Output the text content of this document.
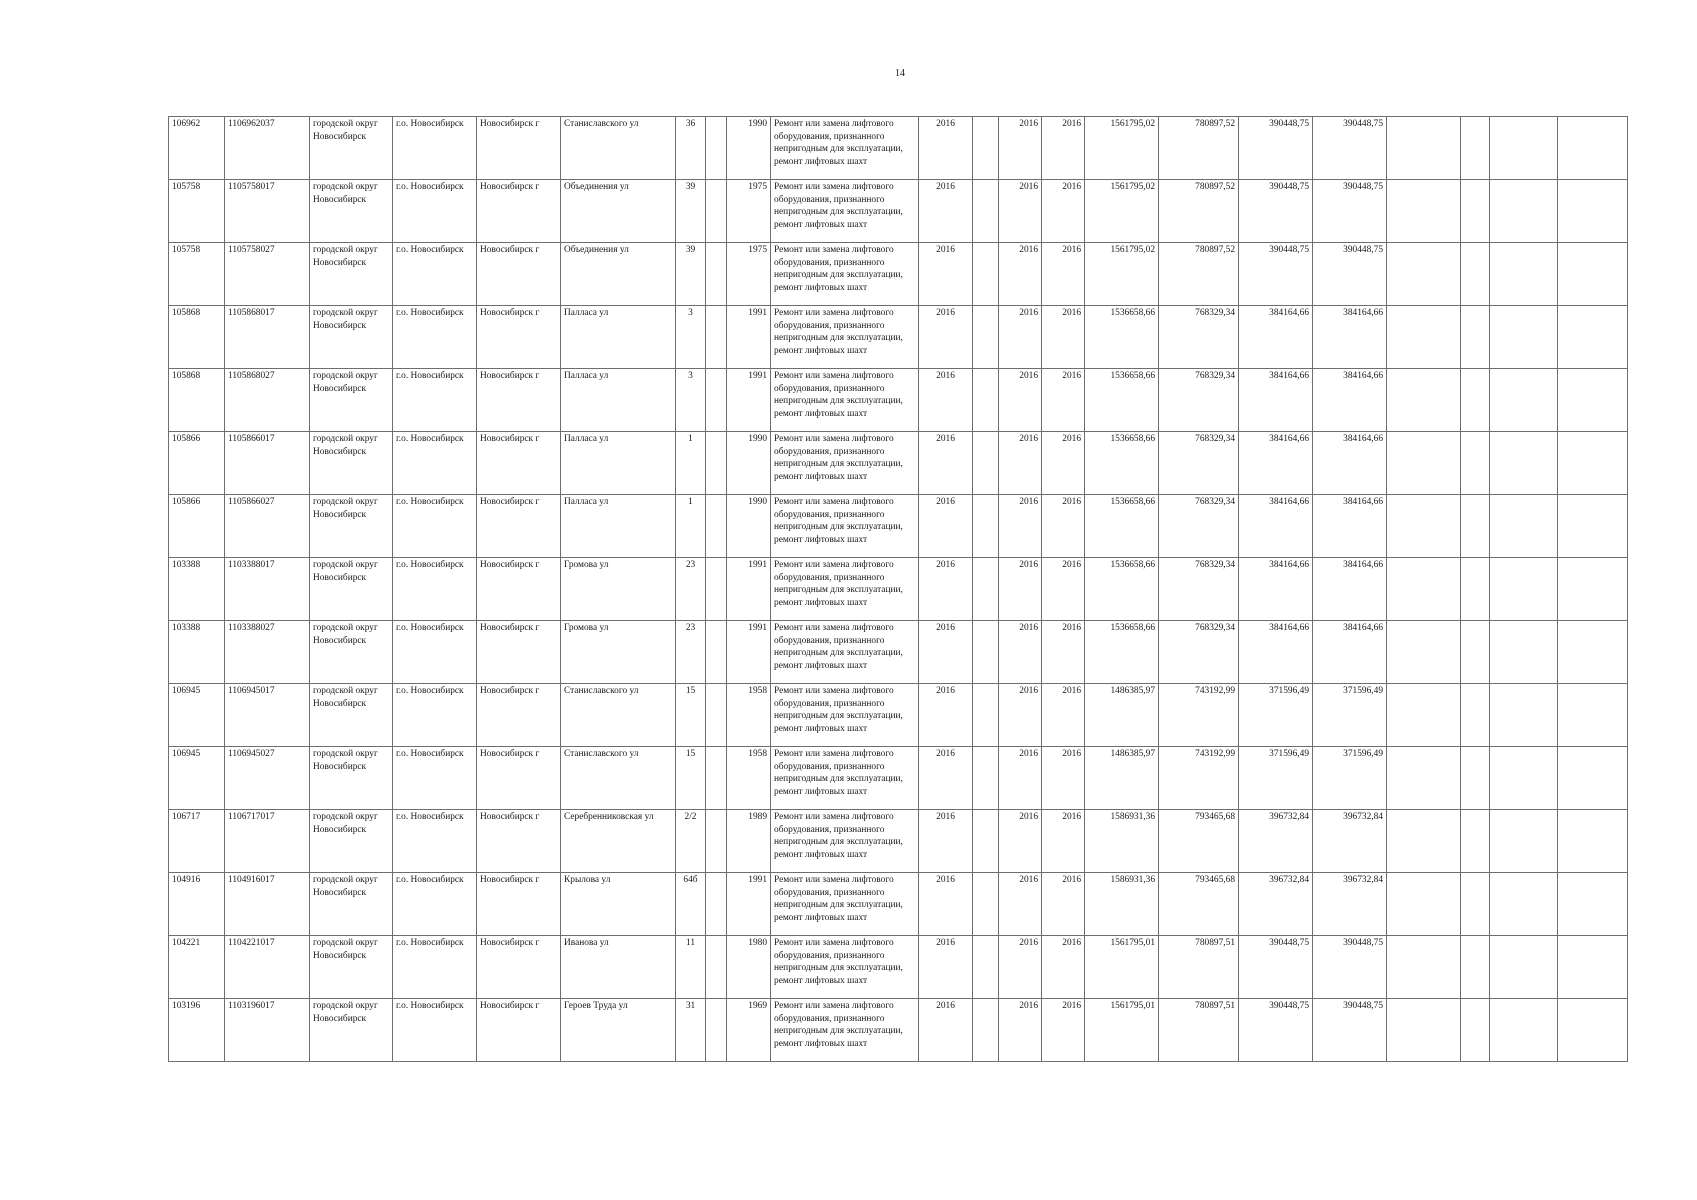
14
106962	1106962037	городской округ Новосибирск	г.о. Новосибирск	Новосибирск г	Станиславского ул	36		1990	Ремонт или замена лифтового оборудования, признанного непригодным для эксплуатации, ремонт лифтовых шахт	2016		2016	2016	1561795,02	780897,52	390448,75	390448,75				
105758	1105758017	городской округ Новосибирск	г.о. Новосибирск	Новосибирск г	Объединения ул	39		1975	Ремонт или замена лифтового оборудования, признанного непригодным для эксплуатации, ремонт лифтовых шахт	2016		2016	2016	1561795,02	780897,52	390448,75	390448,75				
105758	1105758027	городской округ Новосибирск	г.о. Новосибирск	Новосибирск г	Объединения ул	39		1975	Ремонт или замена лифтового оборудования, признанного непригодным для эксплуатации, ремонт лифтовых шахт	2016		2016	2016	1561795,02	780897,52	390448,75	390448,75				
105868	1105868017	городской округ Новосибирск	г.о. Новосибирск	Новосибирск г	Палласа ул	3		1991	Ремонт или замена лифтового оборудования, признанного непригодным для эксплуатации, ремонт лифтовых шахт	2016		2016	2016	1536658,66	768329,34	384164,66	384164,66				
105868	1105868027	городской округ Новосибирск	г.о. Новосибирск	Новосибирск г	Палласа ул	3		1991	Ремонт или замена лифтового оборудования, признанного непригодным для эксплуатации, ремонт лифтовых шахт	2016		2016	2016	1536658,66	768329,34	384164,66	384164,66				
105866	1105866017	городской округ Новосибирск	г.о. Новосибирск	Новосибирск г	Палласа ул	1		1990	Ремонт или замена лифтового оборудования, признанного непригодным для эксплуатации, ремонт лифтовых шахт	2016		2016	2016	1536658,66	768329,34	384164,66	384164,66				
105866	1105866027	городской округ Новосибирск	г.о. Новосибирск	Новосибирск г	Палласа ул	1		1990	Ремонт или замена лифтового оборудования, признанного непригодным для эксплуатации, ремонт лифтовых шахт	2016		2016	2016	1536658,66	768329,34	384164,66	384164,66				
103388	1103388017	городской округ Новосибирск	г.о. Новосибирск	Новосибирск г	Громова ул	23		1991	Ремонт или замена лифтового оборудования, признанного непригодным для эксплуатации, ремонт лифтовых шахт	2016		2016	2016	1536658,66	768329,34	384164,66	384164,66				
103388	1103388027	городской округ Новосибирск	г.о. Новосибирск	Новосибирск г	Громова ул	23		1991	Ремонт или замена лифтового оборудования, признанного непригодным для эксплуатации, ремонт лифтовых шахт	2016		2016	2016	1536658,66	768329,34	384164,66	384164,66				
106945	1106945017	городской округ Новосибирск	г.о. Новосибирск	Новосибирск г	Станиславского ул	15		1958	Ремонт или замена лифтового оборудования, признанного непригодным для эксплуатации, ремонт лифтовых шахт	2016		2016	2016	1486385,97	743192,99	371596,49	371596,49				
106945	1106945027	городской округ Новосибирск	г.о. Новосибирск	Новосибирск г	Станиславского ул	15		1958	Ремонт или замена лифтового оборудования, признанного непригодным для эксплуатации, ремонт лифтовых шахт	2016		2016	2016	1486385,97	743192,99	371596,49	371596,49				
106717	1106717017	городской округ Новосибирск	г.о. Новосибирск	Новосибирск г	Серебренниковская ул	2/2		1989	Ремонт или замена лифтового оборудования, признанного непригодным для эксплуатации, ремонт лифтовых шахт	2016		2016	2016	1586931,36	793465,68	396732,84	396732,84				
104916	1104916017	городской округ Новосибирск	г.о. Новосибирск	Новосибирск г	Крылова ул	64б		1991	Ремонт или замена лифтового оборудования, признанного непригодным для эксплуатации, ремонт лифтовых шахт	2016		2016	2016	1586931,36	793465,68	396732,84	396732,84				
104221	1104221017	городской округ Новосибирск	г.о. Новосибирск	Новосибирск г	Иванова ул	11		1980	Ремонт или замена лифтового оборудования, признанного непригодным для эксплуатации, ремонт лифтовых шахт	2016		2016	2016	1561795,01	780897,51	390448,75	390448,75				
103196	1103196017	городской округ Новосибирск	г.о. Новосибирск	Новосибирск г	Героев Труда ул	31		1969	Ремонт или замена лифтового оборудования, признанного непригодным для эксплуатации, ремонт лифтовых шахт	2016		2016	2016	1561795,01	780897,51	390448,75	390448,75				
